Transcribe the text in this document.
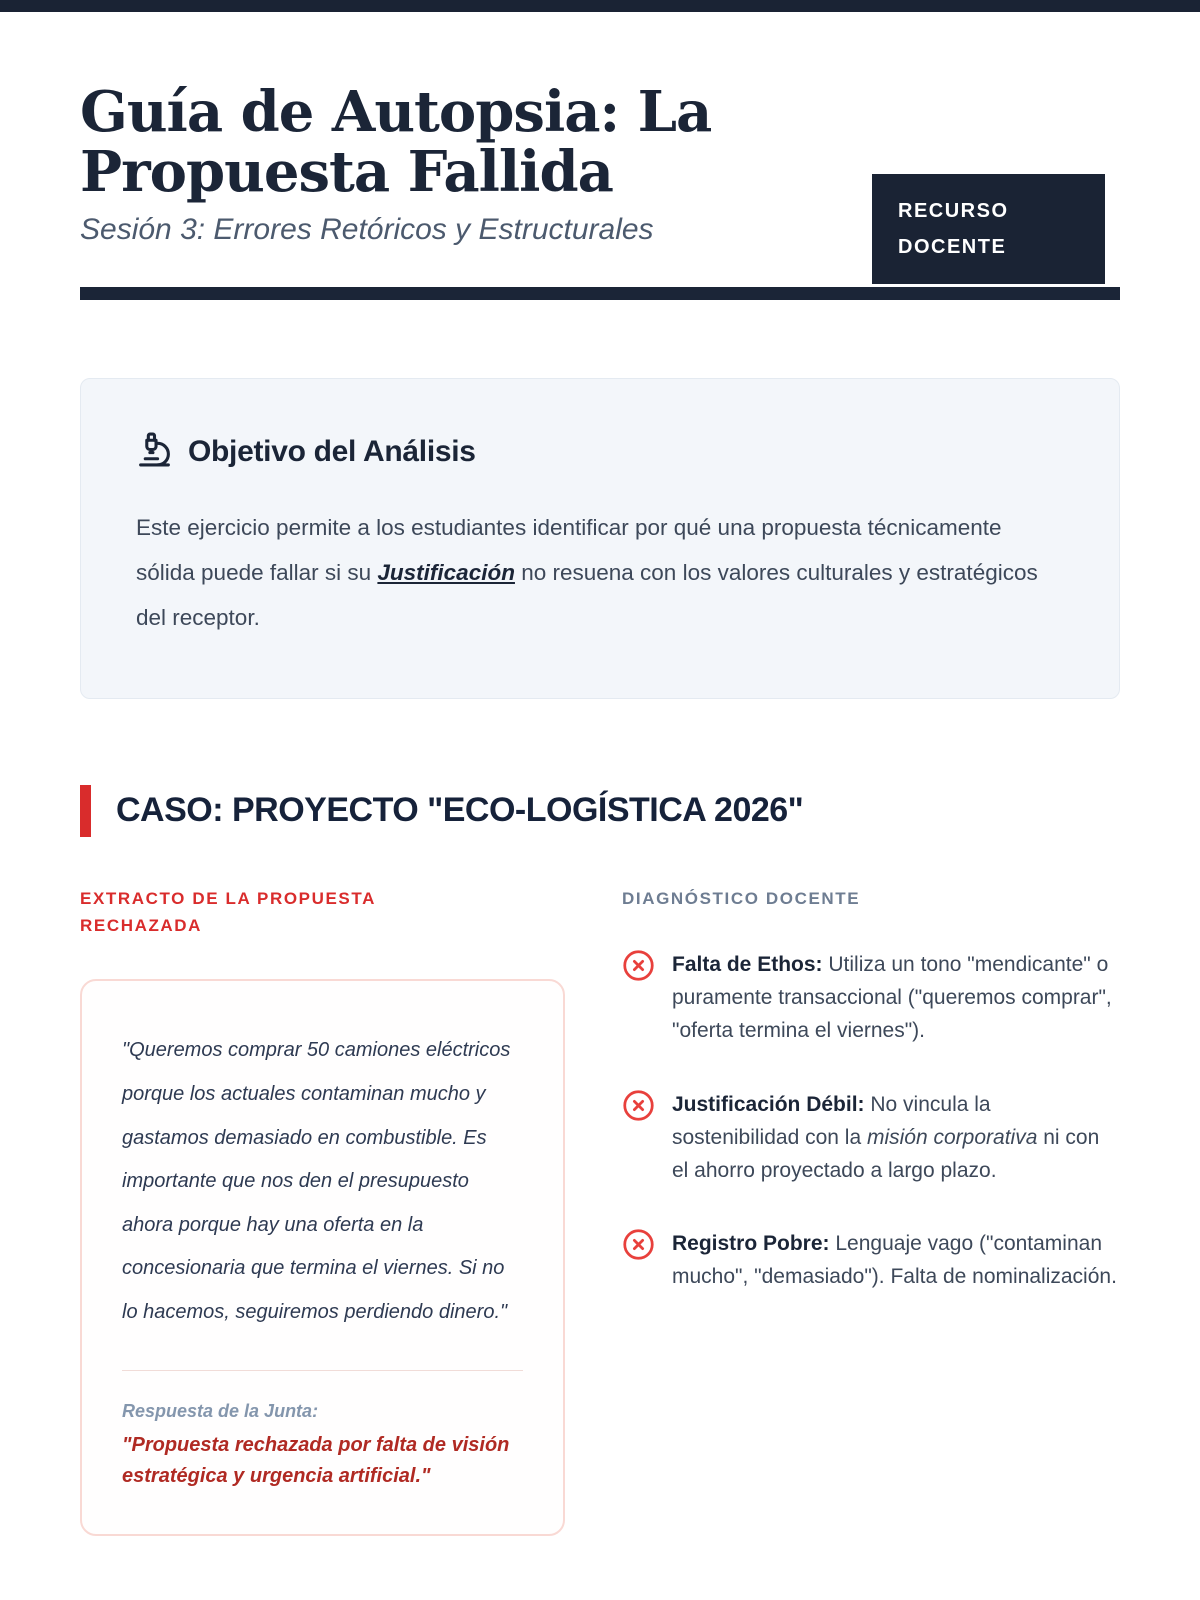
Guía de Autopsia: La Propuesta Fallida
Sesión 3: Errores Retóricos y Estructurales
RECURSO DOCENTE
Objetivo del Análisis

Este ejercicio permite a los estudiantes identificar por qué una propuesta técnicamente sólida puede fallar si su Justificación no resuena con los valores culturales y estratégicos del receptor.

CASO: PROYECTO "ECO-LOGÍSTICA 2026"
EXTRACTO DE LA PROPUESTA RECHAZADA

"Queremos comprar 50 camiones eléctricos porque los actuales contaminan mucho y gastamos demasiado en combustible. Es importante que nos den el presupuesto ahora porque hay una oferta en la concesionaria que termina el viernes. Si no lo hacemos, seguiremos perdiendo dinero."

Respuesta de la Junta:
"Propuesta rechazada por falta de visión estratégica y urgencia artificial."
DIAGNÓSTICO DOCENTE

Falta de Ethos: Utiliza un tono "mendicante" o puramente transaccional ("queremos comprar", "oferta termina el viernes").

Justificación Débil: No vincula la sostenibilidad con la misión corporativa ni con el ahorro proyectado a largo plazo.

Registro Pobre: Lenguaje vago ("contaminan mucho", "demasiado"). Falta de nominalización.
